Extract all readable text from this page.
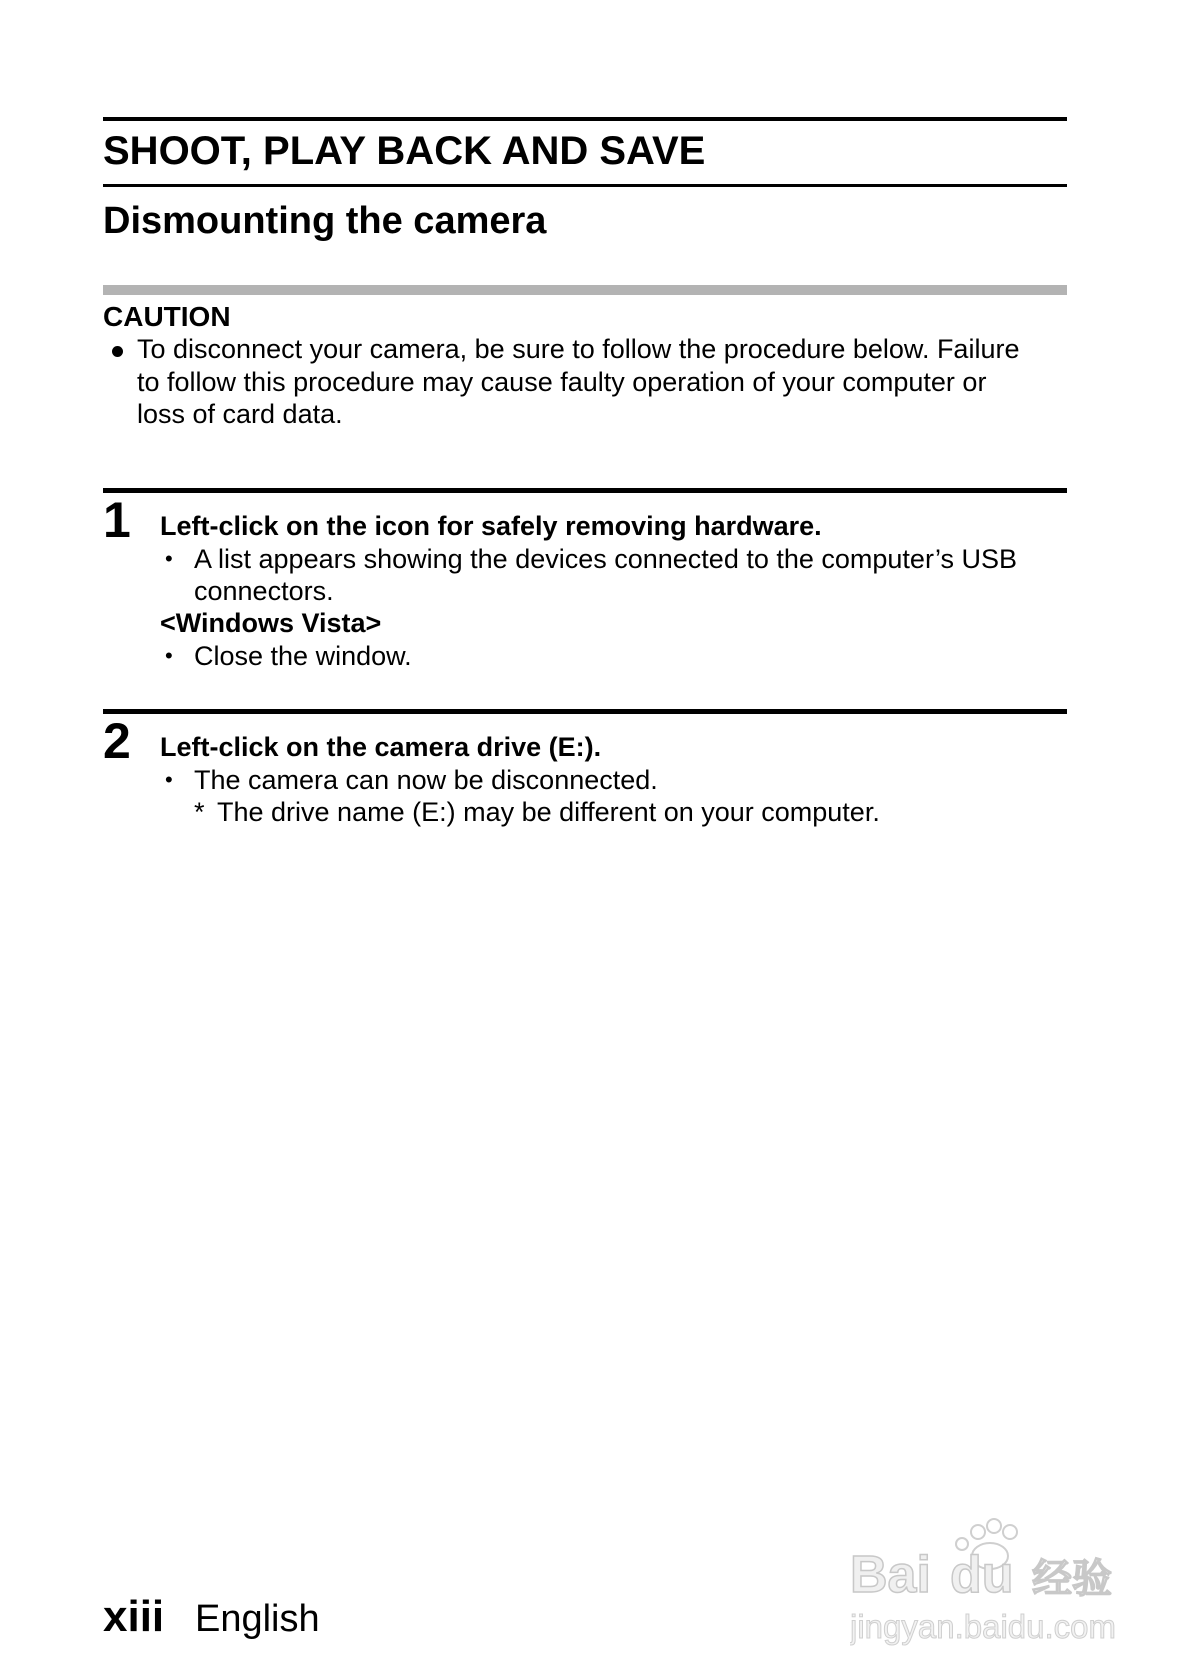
SHOOT, PLAY BACK AND SAVE
Dismounting the camera
CAUTION
To disconnect your camera, be sure to follow the procedure below. Failure
to follow this procedure may cause faulty operation of your computer or
loss of card data.
1 Left-click on the icon for safely removing hardware.
• A list appears showing the devices connected to the computer’s USB
connectors.
<Windows Vista>
• Close the window.
2 Left-click on the camera drive (E:).
• The camera can now be disconnected.
* The drive name (E:) may be different on your computer.
xiii English
Bai du 经验
jingyan.baidu.com
